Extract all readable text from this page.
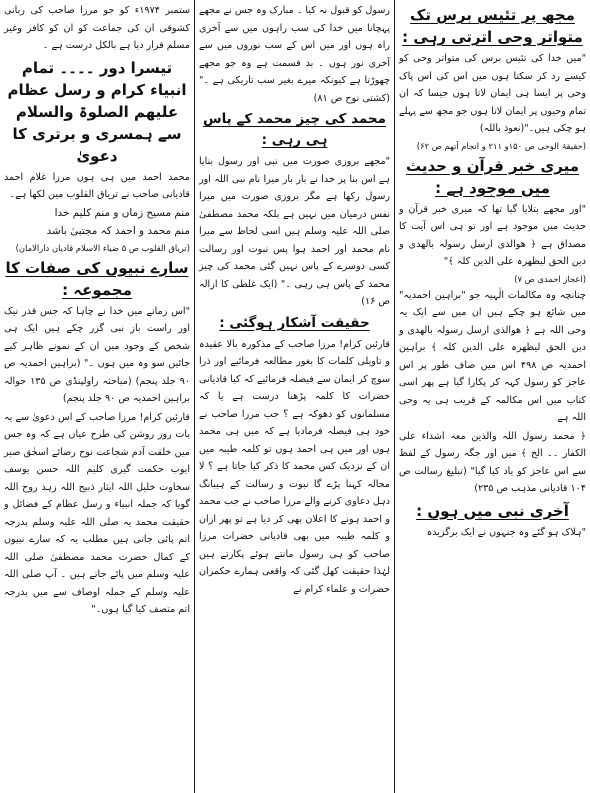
مجھ پر تئیس برس تک متواتر وحی اترتی رہی :

"میں خدا کی تئیس برس کی متواتر وحی کو کیسے رد کر سکتا ہوں میں اس کی اس پاک وحی پر ایسا ہی ایمان لاتا ہوں جیسا کہ ان تمام وحیوں پر ایمان لاتا ہوں جو مجھ سے پہلے ہو چکی ہیں۔"(نعوذ باللہ)

(حقیقۃ الوحی ص ۱۵۰و ۲۱۱ و انجام آتھم ص ۶۲)

میری خبر قرآن و حدیث میں موجود ہے :

"اور مجھے بتلایا گیا تھا کہ میری خبر قرآن و حدیث میں موجود ہے اور تو ہی اس آیت کا مصداق ہے ﴿ ھوالذی ارسل رسولہ بالھدی و دین الحق لیظھرہ علی الدین کلہ ﴾"

(اعجاز احمدی ص ۷)

چنانچہ وہ مکالمات الٰہیہ جو "براہین احمدیہ" میں شائع ہو چکے ہیں ان میں سے ایک یہ وحی اللہ ہے ﴿ ھوالذی ارسل رسولہ بالھدی و دین الحق لیظھرہ علی الدین کلہ ﴾ براہین احمدیہ ص ۴۹۸ اس میں صاف طور پر اس عاجز کو رسول کہہ کر پکارا گیا ہے پھر اسی کتاب میں اس مکالمہ کے قریب ہی یہ وحی اللہ ہے

﴿ محمد رسول اللہ والذین معہ اشداء علی الکفار ۔۔ الخ ﴾ میں اور جگہ رسول کے لفظ سے اس عاجز کو یاد کیا گیا" (تبلیغ رسالت ص ۱۰۴ قادیانی مذہب ص ۲۳۵)

آخری نبی میں ہوں :

"ہلاک ہو گئے وہ جنہوں نے ایک برگزیدہ

رسول کو قبول نہ کیا ۔ مبارک وہ جس نے مجھے پہچانا میں خدا کی سب راہوں میں سے آخری راہ ہوں اور میں اس کے سب نوروں میں سے آخری نور ہوں ۔ بد قسمت ہے وہ جو مجھے چھوڑتا ہے کیونکہ میرے بغیر سب تاریکی ہے ۔"(کشتی نوح ص ۸۱)

محمد کی چیز محمد کے پاس ہی رہی :

"مجھے بروزی صورت میں نبی اور رسول بنایا ہے اس بنا پر خدا نے بار بار میرا نام نبی اللہ اور رسول رکھا ہے مگر بروزی صورت میں میرا نفس درمیان میں نہیں ہے بلکہ محمد مصطفیٰ صلی اللہ علیہ وسلم ہیں اسی لحاظ سے میرا نام محمد اور احمد ہوا پس نبوت اور رسالت کسی دوسرے کے پاس نہیں گئی محمد کی چیز محمد کے پاس ہی رہی ۔" (ایک غلطی کا ازالہ ص ۱۶)

حقیقت آشکار ہوگئی :

قارئین کرام! مرزا صاحب کے مذکورہ بالا عقیدہ و تاویلی کلمات کا بغور مطالعہ فرمائیے اور ذرا سوچ کر ایمان سے فیصلہ فرمائیے کہ کیا قادیانی حضرات کا کلمہ پڑھنا درست ہے یا کہ مسلمانوں کو دھوکہ ہے ؟ جب مرزا صاحب نے خود ہی فیصلہ فرمادیا ہے کہ میں ہی محمد ہوں اور میں ہی احمد ہوں تو کلمہ طیبہ میں ان کے نزدیک کس محمد کا ذکر کیا جاتا ہے ؟ لا محالہ کہنا پڑے گا نبوت و رسالت کے ہیبانگ دہل دعاوی کرنے والے مرزا صاحب نے جب محمد و احمد ہونے کا اعلان بھی کر دیا ہے تو پھر ازان و کلمہ طیبہ میں بھی قادیانی حضرات مرزا صاحب کو ہی رسول مانتے ہوئے پکارتے ہیں لہٰذا حقیقت کھل گئی کہ واقعی ہمارے حکمران حضرات و علماء کرام نے

ستمبر ۱۹۷۴ء کو جو مرزا صاحب کی ربانی کشوقی ان کی جماعت کو ان کو کافر وغیر مسلم قرار دیا ہے بالکل درست ہے ۔

تیسرا دور ۔۔۔۔ تمام انبیاء کرام و رسل عظام علیھم الصلوۃ والسلام سے ہمسری و برتری کا دعویٰ

محمد احمد میں ہی ہوں مرزا غلام احمد قادیانی صاحب نے تریاق القلوب میں لکھا ہے۔

منم مسیح زماں و منم کلیم خدا

منم محمد و احمد کہ مجتبیٰ باشد

(تریاق القلوب ص ۵ ضیاء الاسلام قادیان دارالامان)

سارے نبیوں کی صفات کا مجموعہ :

"اس زمانے میں خدا نے چاہا کہ جس قدر نیک اور راست باز نبی گزر چکے ہیں ایک ہی شخص کے وجود میں ان کے نمونے ظاہر کیے جائیں سو وہ میں ہوں ۔" (براہین احمدیہ ص ۹۰ جلد پنجم) (مباحثہ راولپنڈی ص ۱۳۵ حوالہ براہین احمدیہ ص ۹۰ جلد پنجم)

قارئین کرام! مرزا صاحب کے اس دعویٰ سے یہ بات روز روشن کی طرح عیاں ہے کہ وہ جس میں خلقت آدم شجاعت نوح رضائے اسحٰق صبر ایوب حکمت گیری کلیم اللہ حسن یوسف سخاوت خلیل اللہ ایثار ذبیح اللہ زہد روح اللہ گویا کہ جملہ انبیاء و رسل عظام کے فضائل و حقیقت محمد یہ صلی اللہ علیہ وسلم بدرجہ اتم پائی جاتی ہیں مطلب یہ کہ سارے نبیوں کے کمال حضرت محمد مصطفیٰ صلی اللہ علیہ وسلم میں پائے جاتے ہیں ۔ آپ صلی اللہ علیہ وسلم کے جملہ اوصاف سے میں بدرجہ اتم متصف کیا گیا ہوں۔"
